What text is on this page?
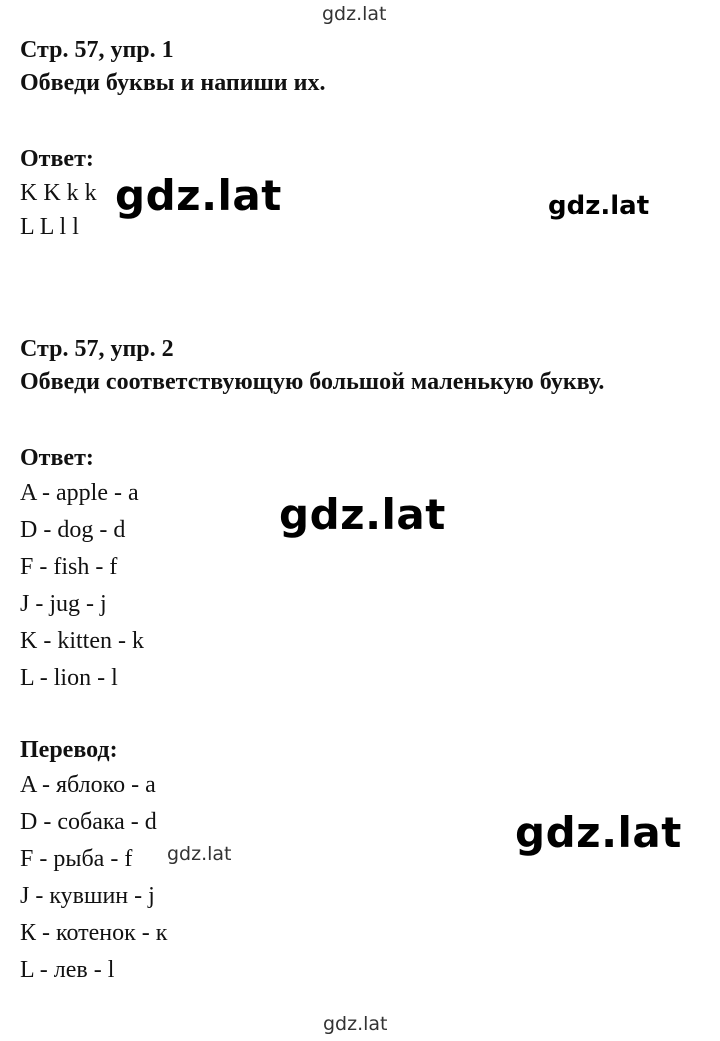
gdz.lat
gdz.lat	gdz.lat
gdz.lat
gdz.lat
gdz.lat
gdz.lat
Стр. 57, упр. 1
Обведи буквы и напиши их.
Ответ:
K K k k
L L l l
Стр. 57, упр. 2
Обведи соответствующую большой маленькую букву.
Ответ:
A - apple - a
D - dog - d
F - fish - f
J - jug - j
K - kitten - k
L - lion - l
Перевод:
A - яблоко - a
D - собака - d
F - рыба - f
J - кувшин - j
К - котенок - к
L - лев - l
